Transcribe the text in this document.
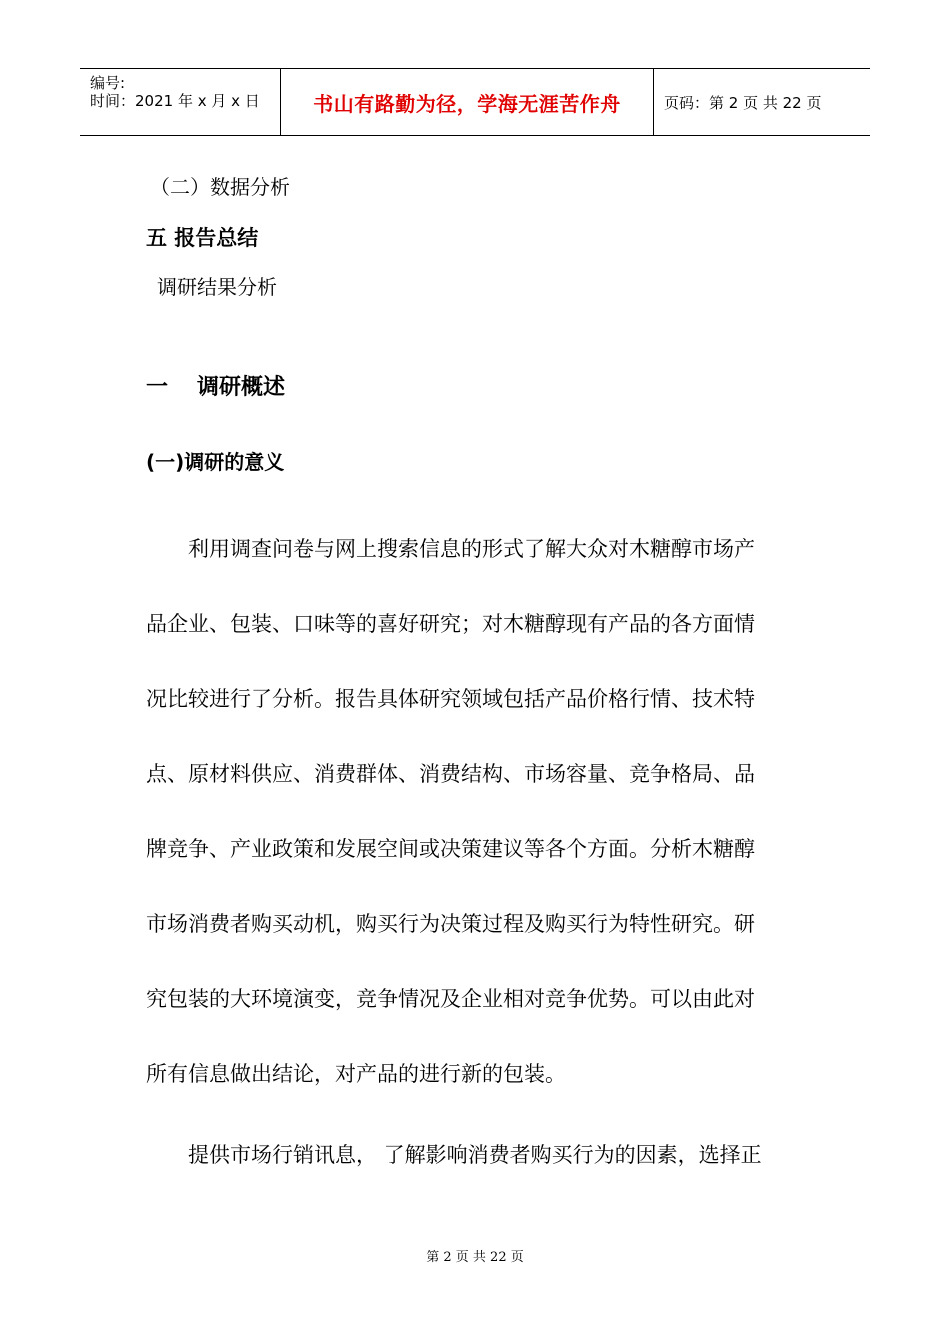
编号:
时间：2021 年 x 月 x 日	书山有路勤为径，学海无涯苦作舟	页码：第 2 页 共 22 页
（二）数据分析
五 报告总结
调研结果分析
一 调研概述
(一)调研的意义
利用调查问卷与网上搜索信息的形式了解大众对木糖醇市场产
品企业、包装、口味等的喜好研究；对木糖醇现有产品的各方面情
况比较进行了分析。报告具体研究领域包括产品价格行情、技术特
点、原材料供应、消费群体、消费结构、市场容量、竞争格局、品
牌竞争、产业政策和发展空间或决策建议等各个方面。分析木糖醇
市场消费者购买动机，购买行为决策过程及购买行为特性研究。研
究包装的大环境演变，竞争情况及企业相对竞争优势。可以由此对
所有信息做出结论，对产品的进行新的包装。
提供市场行销讯息， 了解影响消费者购买行为的因素，选择正
第 2 页 共 22 页
